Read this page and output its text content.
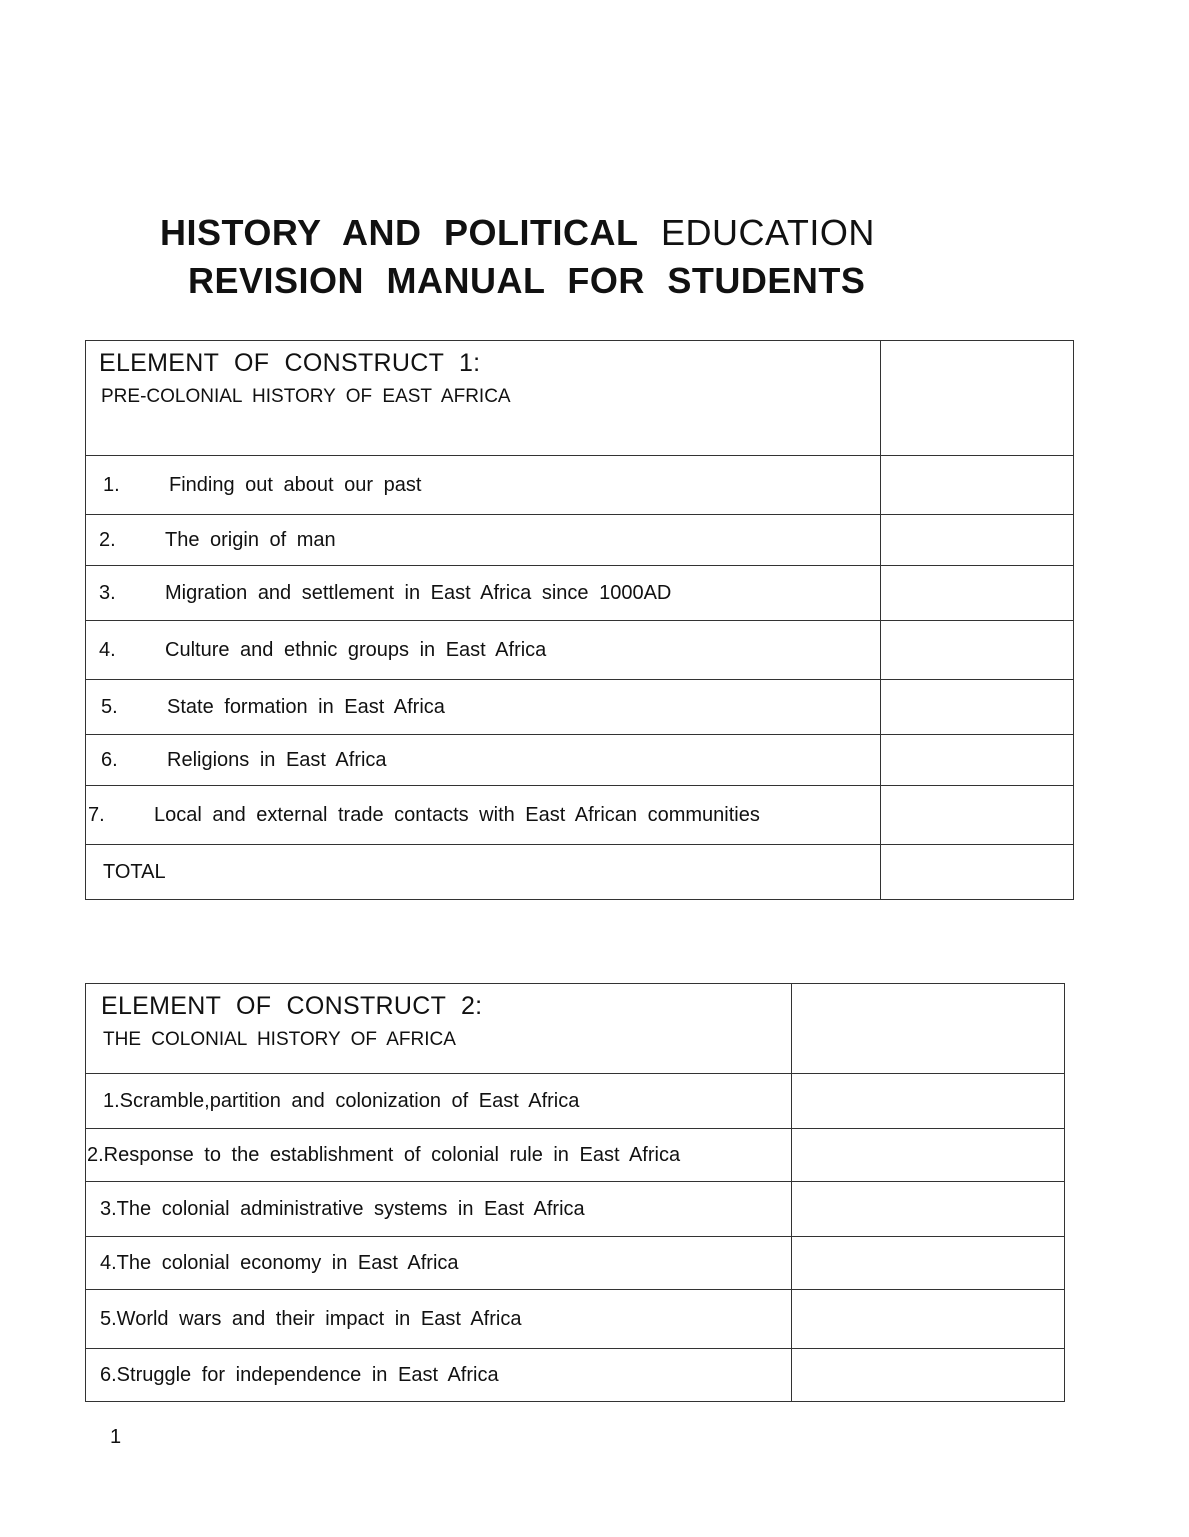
HISTORY AND POLITICAL EDUCATION
REVISION MANUAL FOR STUDENTS
ELEMENT OF CONSTRUCT 1:
PRE-COLONIAL HISTORY OF EAST AFRICA	

1. Finding out about our past	

2. The origin of man	

3. Migration and settlement in East Africa since 1000AD	

4. Culture and ethnic groups in East Africa	

5. State formation in East Africa	

6. Religions in East Africa	

7. Local and external trade contacts with East African communities	

TOTAL	
ELEMENT OF CONSTRUCT 2:
THE COLONIAL HISTORY OF AFRICA	

1.Scramble,partition and colonization of East Africa	
2.Response to the establishment of colonial rule in East Africa	
3.The colonial administrative systems in East Africa	
4.The colonial economy in East Africa	
5.World wars and their impact in East Africa	
6.Struggle for independence in East Africa	
1
